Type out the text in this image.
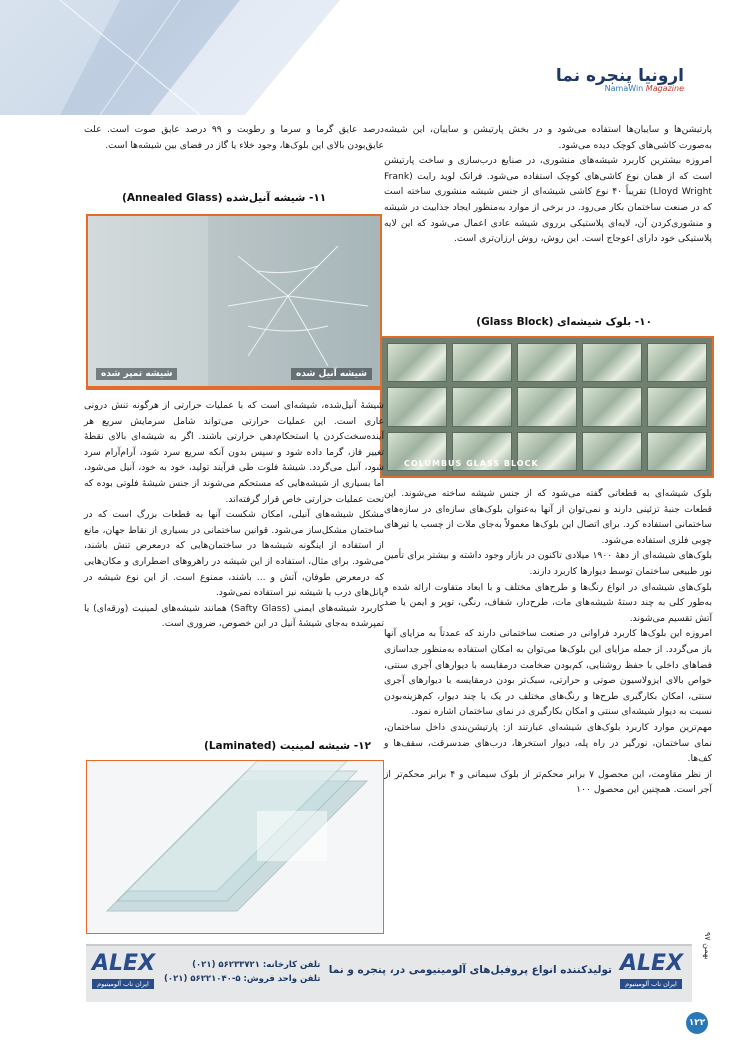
ارونیا پنجره نما
NamaWin Magazine

پارتیشن‌ها و سایبان‌ها استفاده می‌شود و در بخش پارتیشن و سایبان، این شیشه به‌صورت کاشی‌های کوچک دیده می‌شود.

امروزه بیشترین کاربرد شیشه‌های منشوری، در صنایع درب‌سازی و ساخت پارتیشن است که از همان نوع کاشی‌های کوچک استفاده می‌شود. فرانک لوید رایت (Frank Lloyd Wright) تقریباً ۴۰ نوع کاشی شیشه‌ای از جنس شیشه منشوری ساخته است که در صنعت ساختمان بکار می‌رود. در برخی از موارد به‌منظور ایجاد جذابیت در شیشه و منشوری‌کردن آن، لایه‌ای پلاستیکی برروی شیشه عادی اعمال می‌شود که این لایه پلاستیکی خود دارای اعوجاج است. این روش، روش ارزان‌تری است.

۱۰- بلوک شیشه‌ای (Glass Block)
COLUMBUS GLASS BLOCK

بلوک شیشه‌ای به قطعاتی گفته می‌شود که از جنس شیشه ساخته می‌شوند. این قطعات جنبهٔ تزئینی دارند و نمی‌توان از آنها به‌عنوان بلوک‌های سازه‌ای در سازه‌های ساختمانی استفاده کرد. برای اتصال این بلوک‌ها معمولاً به‌جای ملات از چسب یا تیرهای چوبی فلزی استفاده می‌شود.

بلوک‌های شیشه‌ای از دههٔ ۱۹۰۰ میلادی تاکنون در بازار وجود داشته و بیشتر برای تأمین نور طبیعی ساختمان توسط دیوارها کاربرد دارند.

بلوک‌های شیشه‌ای در انواع رنگ‌ها و طرح‌های مختلف و با ابعاد متفاوت ارائه شده و به‌طور کلی به چند دستهٔ شیشه‌های مات، طرح‌دار، شفاف، رنگی، توپر و ایمن یا ضد آتش تقسیم می‌شوند.

امروزه این بلوک‌ها کاربرد فراوانی در صنعت ساختمانی دارند که عمدتاً به مزایای آنها باز می‌گردد. از جمله مزایای این بلوک‌ها می‌توان به امکان استفاده به‌منظور جداسازی فضاهای داخلی با حفظ روشنایی، کم‌بودن ضخامت درمقایسه با دیوارهای آجری سنتی، خواص بالای ایزولاسیون صوتی و حرارتی، سبک‌تر بودن درمقایسه با دیوارهای آجری سنتی، امکان بکارگیری طرح‌ها و رنگ‌های مختلف در یک یا چند دیوار، کم‌هزینه‌بودن نسبت به دیوار شیشه‌ای سنتی و امکان بکارگیری در نمای ساختمان اشاره نمود.

مهم‌ترین موارد کاربرد بلوک‌های شیشه‌ای عبارتند از: پارتیشن‌بندی داخل ساختمان، نمای ساختمان، نورگیر در راه پله، دیوار استخرها، درب‌های ضدسرقت، سقف‌ها و کف‌ها.

از نظر مقاومت، این محصول ۷ برابر محکم‌تر از بلوک سیمانی و ۴ برابر محکم‌تر از آجر است. همچنین این محصول ۱۰۰

درصد عایق گرما و سرما و رطوبت و ۹۹ درصد عایق صوت است. علت عایق‌بودن بالای این بلوک‌ها، وجود خلاء یا گاز در فضای بین شیشه‌ها است.

۱۱- شیشه آنیل‌شده (Annealed Glass)
شیشه تمپر شده	شیشه آنیل شده

شیشهٔ آنیل‌شده، شیشه‌ای است که با عملیات حرارتی از هرگونه تنش درونی عاری است. این عملیات حرارتی می‌تواند شامل سرمایش سریع هر آینده‌سخت‌کردن یا استحکام‌دهی حرارتی باشند. اگر به شیشه‌ای بالای نقطهٔ تغییر فاز، گرما داده شود و سپس بدون آنکه سریع سرد شود، آرام‌آرام سرد شود، آنیل می‌گردد. شیشهٔ فلوت طی فرآیند تولید، خود به خود، آنیل می‌شود، اما بسیاری از شیشه‌هایی که مستحکم می‌شوند از جنس شیشهٔ فلوتی بوده که تحت عملیات حرارتی خاص قرار گرفته‌اند.

مشکل شیشه‌های آنیلی، امکان شکست آنها به قطعات بزرگ است که در ساختمان مشکل‌ساز می‌شود. قوانین ساختمانی در بسیاری از نقاط جهان، مانع از استفاده از اینگونه شیشه‌ها در ساختمان‌هایی که درمعرض تنش باشند، می‌شود. برای مثال، استفاده از این شیشه در راهروهای اضطراری و مکان‌هایی که درمعرض طوفان، آتش و ... باشند، ممنوع است. از این نوع شیشه در پانل‌های درب یا شیشه نیز استفاده نمی‌شود.

کاربرد شیشه‌های ایمنی (Safty Glass) همانند شیشه‌های لمینیت (ورقه‌ای) یا تمپرشده به‌جای شیشهٔ آنیل در این خصوص، ضروری است.

۱۲- شیشه لمینیت (Laminated)
بهمن ۹۷
۱۲۲
ALEX
ایران ناب آلومینیوم
تولیدکننده انواع پروفیل‌های آلومینیومی در، پنجره و نما
تلفن کارخانه: ۵۶۲۳۳۷۲۱ (۰۲۱)
تلفن واحد فروش: ۵-۵۶۲۲۱۰۴۰ (۰۲۱)
ALEX
ایران ناب آلومینیوم
